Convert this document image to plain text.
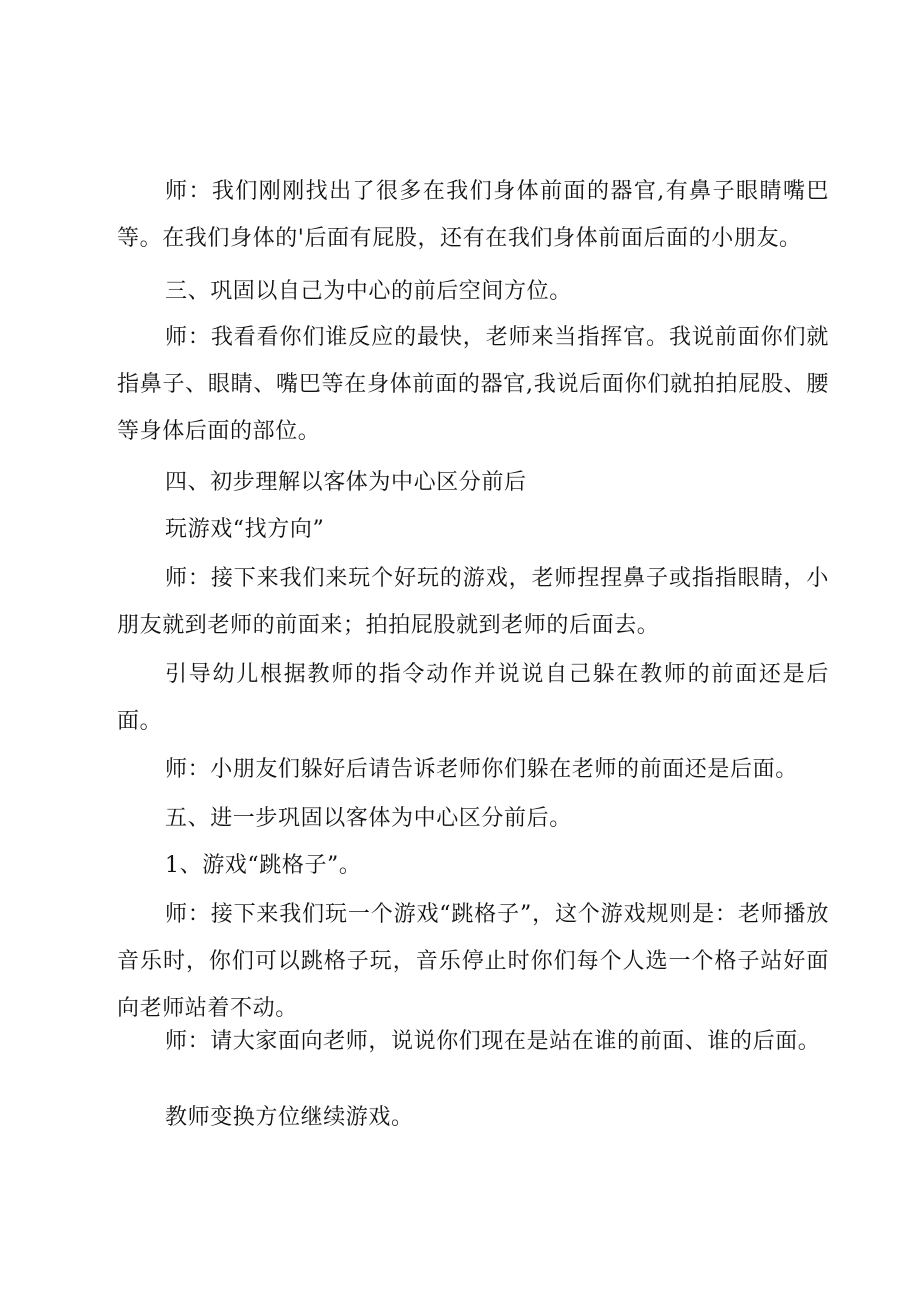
师：我们刚刚找出了很多在我们身体前面的器官,有鼻子眼睛嘴巴等。在我们身体的'后面有屁股，还有在我们身体前面后面的小朋友。

三、巩固以自己为中心的前后空间方位。

师：我看看你们谁反应的最快，老师来当指挥官。我说前面你们就指鼻子、眼睛、嘴巴等在身体前面的器官,我说后面你们就拍拍屁股、腰等身体后面的部位。

四、初步理解以客体为中心区分前后

玩游戏“找方向”

师：接下来我们来玩个好玩的游戏，老师捏捏鼻子或指指眼睛，小朋友就到老师的前面来；拍拍屁股就到老师的后面去。

引导幼儿根据教师的指令动作并说说自己躲在教师的前面还是后面。

师：小朋友们躲好后请告诉老师你们躲在老师的前面还是后面。

五、进一步巩固以客体为中心区分前后。

1、游戏“跳格子”。

师：接下来我们玩一个游戏“跳格子”，这个游戏规则是：老师播放音乐时，你们可以跳格子玩，音乐停止时你们每个人选一个格子站好面向老师站着不动。

师：请大家面向老师，说说你们现在是站在谁的前面、谁的后面。

教师变换方位继续游戏。
